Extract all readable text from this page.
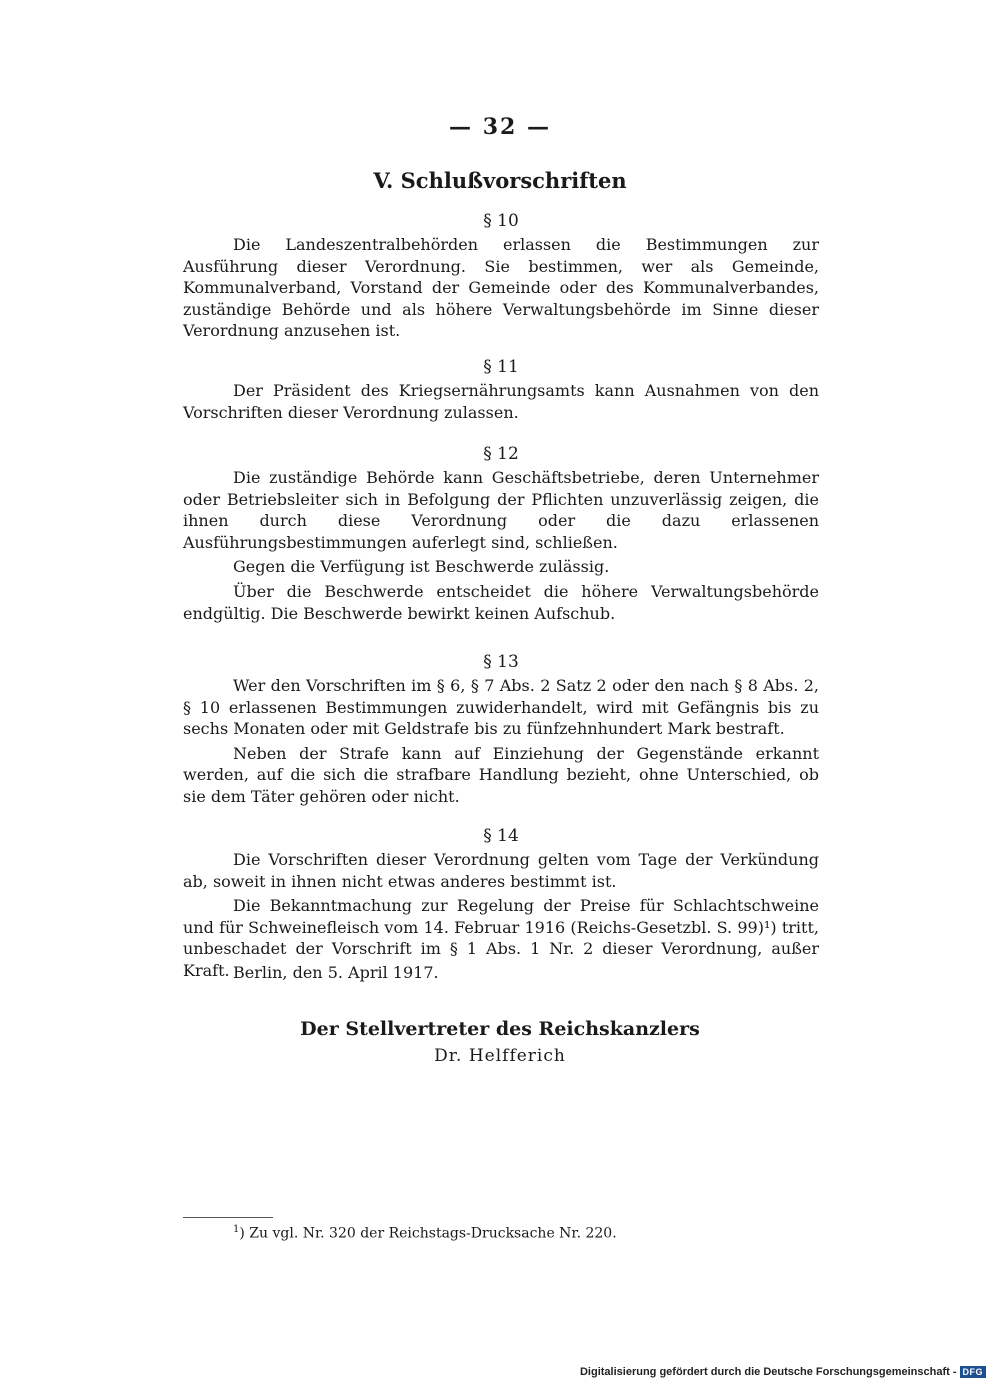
— 32 —
V. Schlußvorschriften
§ 10

Die Landeszentralbehörden erlassen die Bestimmungen zur Ausführung dieser Verordnung. Sie bestimmen, wer als Gemeinde, Kommunalverband, Vorstand der Gemeinde oder des Kommunalverbandes, zuständige Behörde und als höhere Verwaltungsbehörde im Sinne dieser Verordnung anzusehen ist.

§ 11

Der Präsident des Kriegsernährungsamts kann Ausnahmen von den Vorschriften dieser Verordnung zulassen.

§ 12

Die zuständige Behörde kann Geschäftsbetriebe, deren Unternehmer oder Betriebsleiter sich in Befolgung der Pflichten unzuverlässig zeigen, die ihnen durch diese Verordnung oder die dazu erlassenen Ausführungsbestimmungen auferlegt sind, schließen.

Gegen die Verfügung ist Beschwerde zulässig.

Über die Beschwerde entscheidet die höhere Verwaltungsbehörde endgültig. Die Beschwerde bewirkt keinen Aufschub.

§ 13

Wer den Vorschriften im § 6, § 7 Abs. 2 Satz 2 oder den nach § 8 Abs. 2, § 10 erlassenen Bestimmungen zuwiderhandelt, wird mit Gefängnis bis zu sechs Monaten oder mit Geldstrafe bis zu fünfzehnhundert Mark bestraft.

Neben der Strafe kann auf Einziehung der Gegenstände erkannt werden, auf die sich die strafbare Handlung bezieht, ohne Unterschied, ob sie dem Täter gehören oder nicht.

§ 14

Die Vorschriften dieser Verordnung gelten vom Tage der Verkündung ab, soweit in ihnen nicht etwas anderes bestimmt ist.

Die Bekanntmachung zur Regelung der Preise für Schlachtschweine und für Schweinefleisch vom 14. Februar 1916 (Reichs-Gesetzbl. S. 99)¹) tritt, unbeschadet der Vorschrift im § 1 Abs. 1 Nr. 2 dieser Verordnung, außer Kraft. Berlin, den 5. April 1917.
Der Stellvertreter des Reichskanzlers
Dr. Helfferich
$^1$) Zu vgl. Nr. 320 der Reichstags-Drucksache Nr. 220.
Digitalisierung gefördert durch die Deutsche Forschungsgemeinschaft - DFG
